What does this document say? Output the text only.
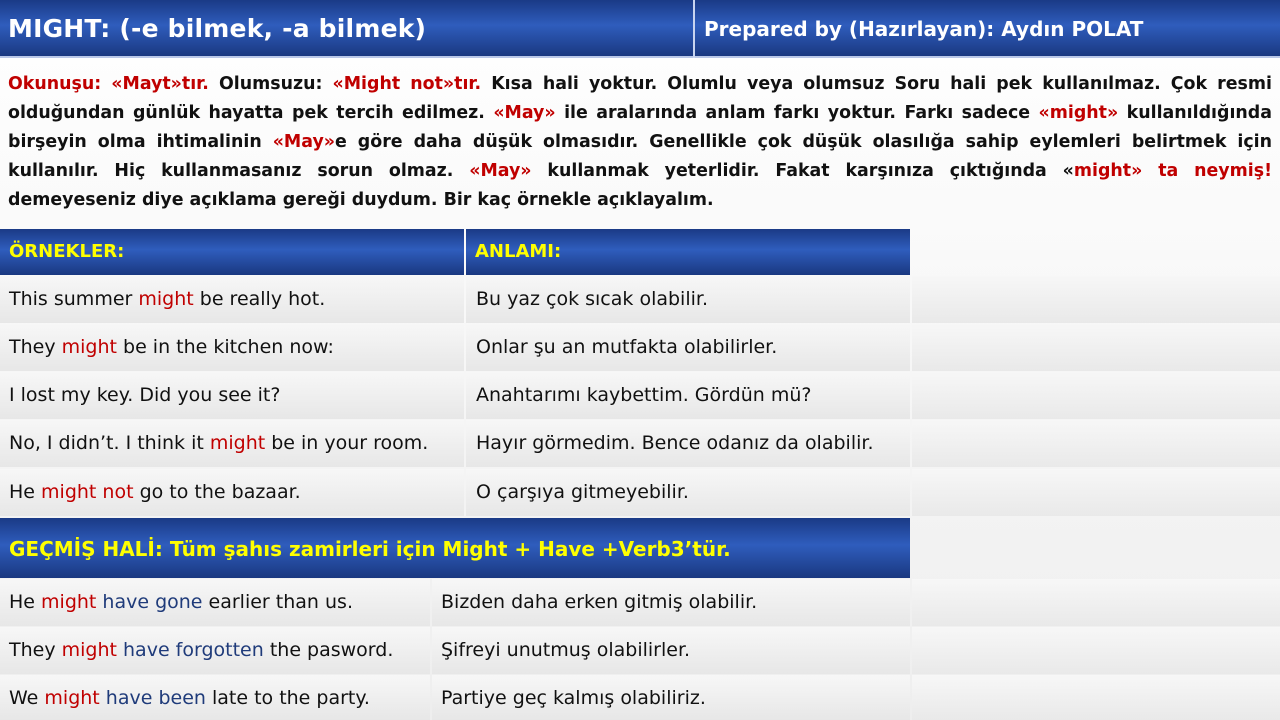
MIGHT: (-e bilmek, -a bilmek)	Prepared by (Hazırlayan): Aydın POLAT
Okunuşu: «Mayt»tır. Olumsuzu: «Might not»tır. Kısa hali yoktur. Olumlu veya olumsuz Soru hali pek kullanılmaz. Çok resmi olduğundan günlük hayatta pek tercih edilmez. «May» ile aralarında anlam farkı yoktur. Farkı sadece «might» kullanıldığında birşeyin olma ihtimalinin «May»e göre daha düşük olmasıdır. Genellikle çok düşük olasılığa sahip eylemleri belirtmek için kullanılır. Hiç kullanmasanız sorun olmaz. «May» kullanmak yeterlidir. Fakat karşınıza çıktığında «might» ta neymiş! demeyeseniz diye açıklama gereği duydum. Bir kaç örnekle açıklayalım.
ÖRNEKLER:	ANLAMI:
This summer might be really hot.	Bu yaz çok sıcak olabilir.
They might be in the kitchen now:	Onlar şu an mutfakta olabilirler.
I lost my key. Did you see it?	Anahtarımı kaybettim. Gördün mü?
No, I didn’t. I think it might be in your room.	Hayır görmedim. Bence odanız da olabilir.
He might not go to the bazaar.	O çarşıya gitmeyebilir.
GEÇMİŞ HALİ: Tüm şahıs zamirleri için Might + Have +Verb3’tür.
He might have gone earlier than us.	Bizden daha erken gitmiş olabilir.
They might have forgotten the pasword.	Şifreyi unutmuş olabilirler.
We might have been late to the party.	Partiye geç kalmış olabiliriz.
